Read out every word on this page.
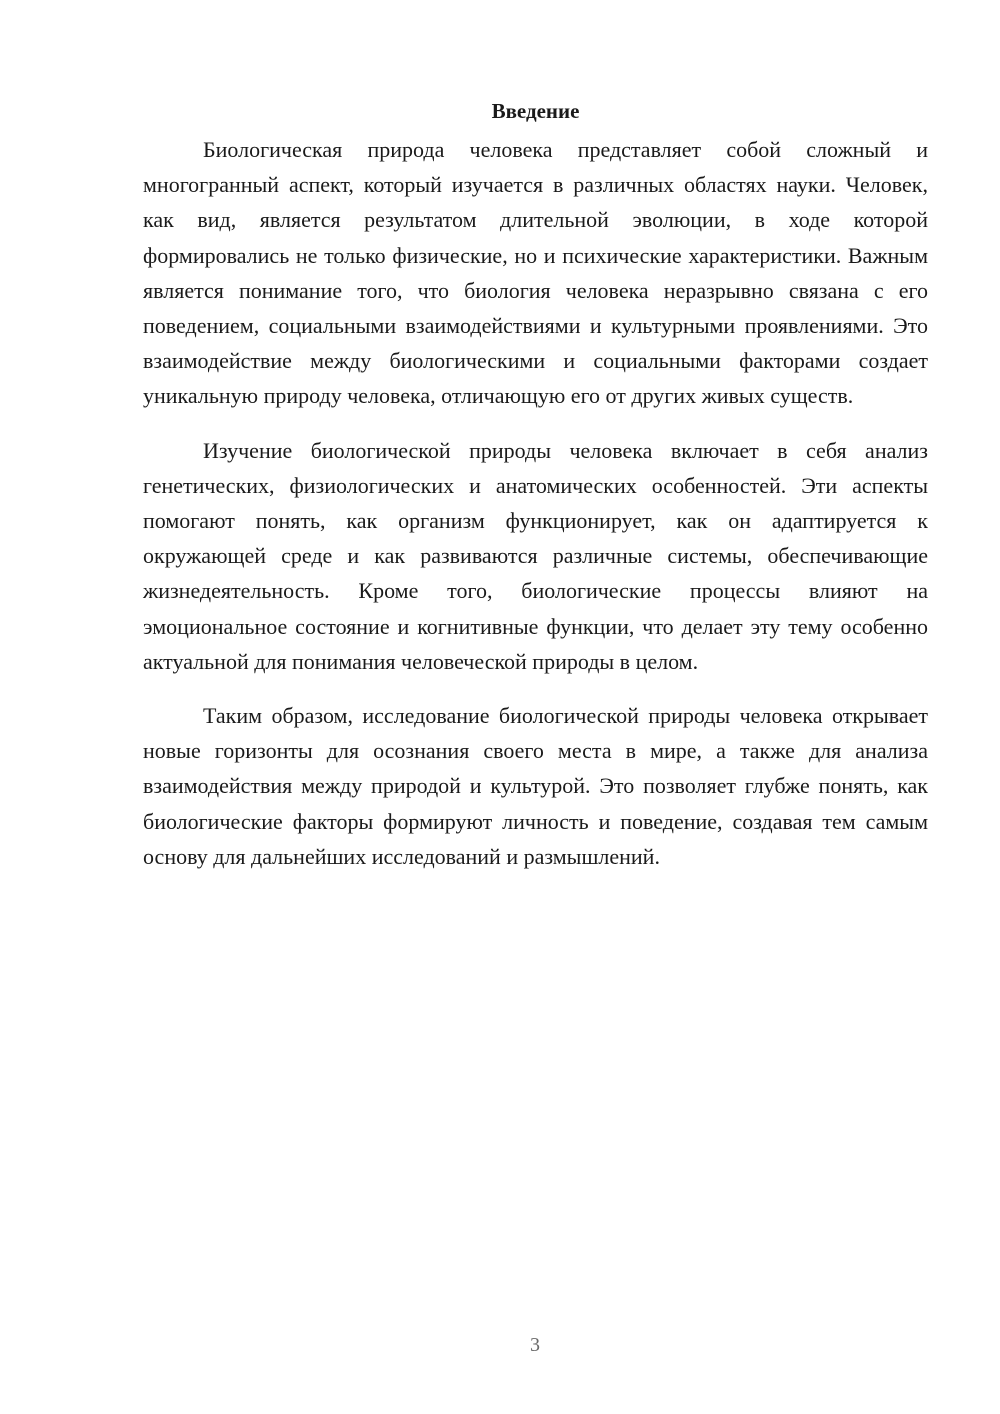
Введение

Биологическая природа человека представляет собой сложный и многогранный аспект, который изучается в различных областях науки. Человек, как вид, является результатом длительной эволюции, в ходе которой формировались не только физические, но и психические характеристики. Важным является понимание того, что биология человека неразрывно связана с его поведением, социальными взаимодействиями и культурными проявлениями. Это взаимодействие между биологическими и социальными факторами создает уникальную природу человека, отличающую его от других живых существ.

Изучение биологической природы человека включает в себя анализ генетических, физиологических и анатомических особенностей. Эти аспекты помогают понять, как организм функционирует, как он адаптируется к окружающей среде и как развиваются различные системы, обеспечивающие жизнедеятельность. Кроме того, биологические процессы влияют на эмоциональное состояние и когнитивные функции, что делает эту тему особенно актуальной для понимания человеческой природы в целом.

Таким образом, исследование биологической природы человека открывает новые горизонты для осознания своего места в мире, а также для анализа взаимодействия между природой и культурой. Это позволяет глубже понять, как биологические факторы формируют личность и поведение, создавая тем самым основу для дальнейших исследований и размышлений.

3
